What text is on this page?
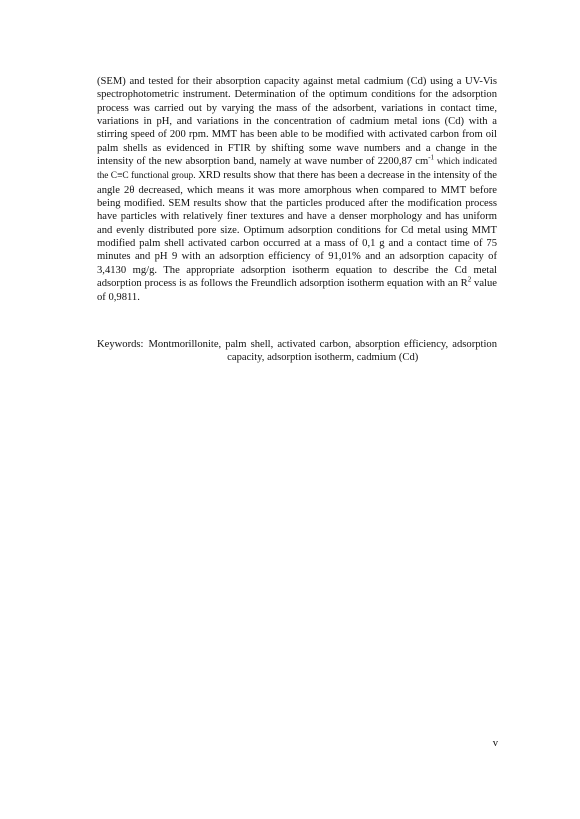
(SEM) and tested for their absorption capacity against metal cadmium (Cd) using a UV-Vis spectrophotometric instrument. Determination of the optimum conditions for the adsorption process was carried out by varying the mass of the adsorbent, variations in contact time, variations in pH, and variations in the concentration of cadmium metal ions (Cd) with a stirring speed of 200 rpm. MMT has been able to be modified with activated carbon from oil palm shells as evidenced in FTIR by shifting some wave numbers and a change in the intensity of the new absorption band, namely at wave number of 2200,87 $cm^{-1}$ which indicated the C≡C functional group. XRD results show that there has been a decrease in the intensity of the angle 2θ decreased, which means it was more amorphous when compared to MMT before being modified. SEM results show that the particles produced after the modification process have particles with relatively finer textures and have a denser morphology and has uniform and evenly distributed pore size. Optimum adsorption conditions for Cd metal using MMT modified palm shell activated carbon occurred at a mass of 0,1 g and a contact time of 75 minutes and pH 9 with an adsorption efficiency of 91,01% and an adsorption capacity of 3,4130 mg/g. The appropriate adsorption isotherm equation to describe the Cd metal adsorption process is as follows the Freundlich adsorption isotherm equation with an $R^2$ value of 0,9811.

Keywords: Montmorillonite, palm shell, activated carbon, absorption efficiency, adsorption capacity, adsorption isotherm, cadmium (Cd)
v
